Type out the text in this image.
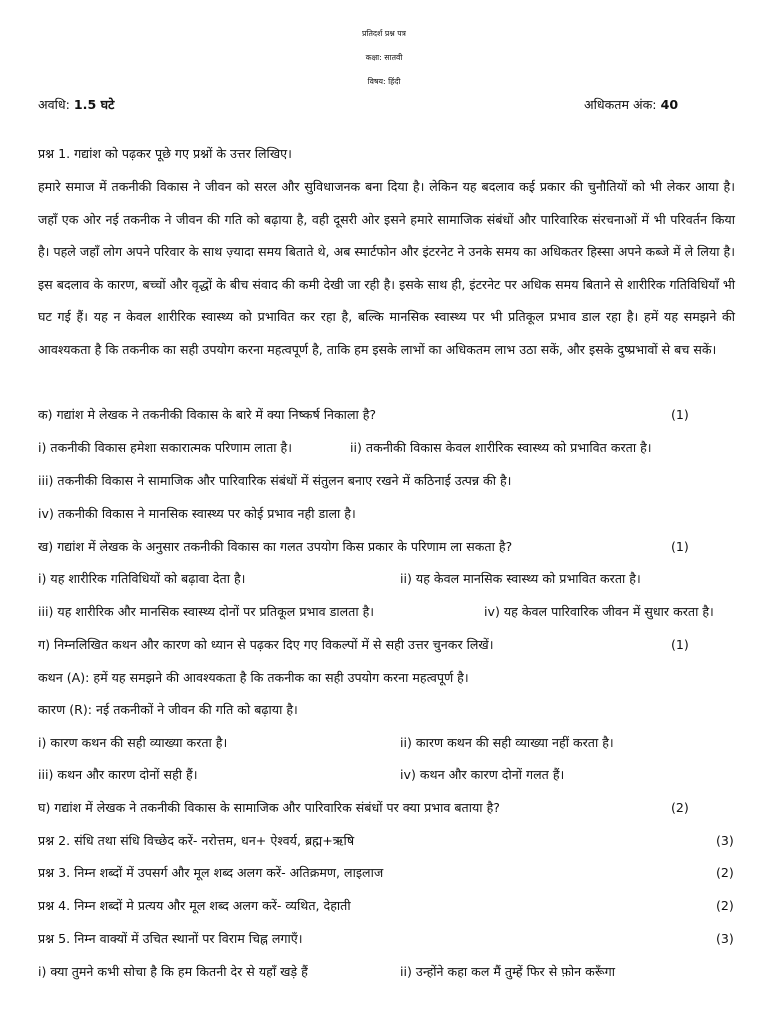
प्रतिदर्श प्रश्न पत्र
कक्षा: सातवी
विषय: हिंदी
अवधि: 1.5 घटे	अधिकतम अंक: 40
प्रश्न 1. गद्यांश को पढ़कर पूछे गए प्रश्नों के उत्तर लिखिए।
हमारे समाज में तकनीकी विकास ने जीवन को सरल और सुविधाजनक बना दिया है। लेकिन यह बदलाव कई प्रकार की चुनौतियों को भी लेकर आया है। जहाँ एक ओर नई तकनीक ने जीवन की गति को बढ़ाया है, वही दूसरी ओर इसने हमारे सामाजिक संबंधों और पारिवारिक संरचनाओं में भी परिवर्तन किया है। पहले जहाँ लोग अपने परिवार के साथ ज़्यादा समय बिताते थे, अब स्मार्टफोन और इंटरनेट ने उनके समय का अधिकतर हिस्सा अपने कब्जे में ले लिया है। इस बदलाव के कारण, बच्चों और वृद्धों के बीच संवाद की कमी देखी जा रही है। इसके साथ ही, इंटरनेट पर अधिक समय बिताने से शारीरिक गतिविधियाँ भी घट गई हैं। यह न केवल शारीरिक स्वास्थ्य को प्रभावित कर रहा है, बल्कि मानसिक स्वास्थ्य पर भी प्रतिकूल प्रभाव डाल रहा है। हमें यह समझने की आवश्यकता है कि तकनीक का सही उपयोग करना महत्वपूर्ण है, ताकि हम इसके लाभों का अधिकतम लाभ उठा सकें, और इसके दुष्प्रभावों से बच सकें।
क) गद्यांश मे लेखक ने तकनीकी विकास के बारे में क्या निष्कर्ष निकाला है?	(1)
i) तकनीकी विकास हमेशा सकारात्मक परिणाम लाता है।	ii) तकनीकी विकास केवल शारीरिक स्वास्थ्य को प्रभावित करता है।
iii) तकनीकी विकास ने सामाजिक और पारिवारिक संबंधों में संतुलन बनाए रखने में कठिनाई उत्पन्न की है।
iv) तकनीकी विकास ने मानसिक स्वास्थ्य पर कोई प्रभाव नही डाला है।
ख) गद्यांश में लेखक के अनुसार तकनीकी विकास का गलत उपयोग किस प्रकार के परिणाम ला सकता है?	(1)
i) यह शारीरिक गतिविधियों को बढ़ावा देता है।	ii) यह केवल मानसिक स्वास्थ्य को प्रभावित करता है।
iii) यह शारीरिक और मानसिक स्वास्थ्य दोनों पर प्रतिकूल प्रभाव डालता है।	iv) यह केवल पारिवारिक जीवन में सुधार करता है।
ग) निम्नलिखित कथन और कारण को ध्यान से पढ़कर दिए गए विकल्पों में से सही उत्तर चुनकर लिखें।	(1)
कथन (A): हमें यह समझने की आवश्यकता है कि तकनीक का सही उपयोग करना महत्वपूर्ण है।
कारण (R): नई तकनीकों ने जीवन की गति को बढ़ाया है।
i) कारण कथन की सही व्याख्या करता है।	ii) कारण कथन की सही व्याख्या नहीं करता है।
iii) कथन और कारण दोनों सही हैं।	iv) कथन और कारण दोनों गलत हैं।
घ) गद्यांश में लेखक ने तकनीकी विकास के सामाजिक और पारिवारिक संबंधों पर क्या प्रभाव बताया है?	(2)
प्रश्न 2. संधि तथा संधि विच्छेद करें- नरोत्तम, धन+ ऐश्वर्य, ब्रह्म+ऋषि	(3)
प्रश्न 3. निम्न शब्दों में उपसर्ग और मूल शब्द अलग करें- अतिक्रमण, लाइलाज	(2)
प्रश्न 4. निम्न शब्दों मे प्रत्यय और मूल शब्द अलग करें- व्यथित, देहाती	(2)
प्रश्न 5. निम्न वाक्यों में उचित स्थानों पर विराम चिह्न लगाएँ।	(3)
i) क्या तुमने कभी सोचा है कि हम कितनी देर से यहाँ खड़े हैं	ii) उन्होंने कहा कल मैं तुम्हें फिर से फ़ोन करूँगा
